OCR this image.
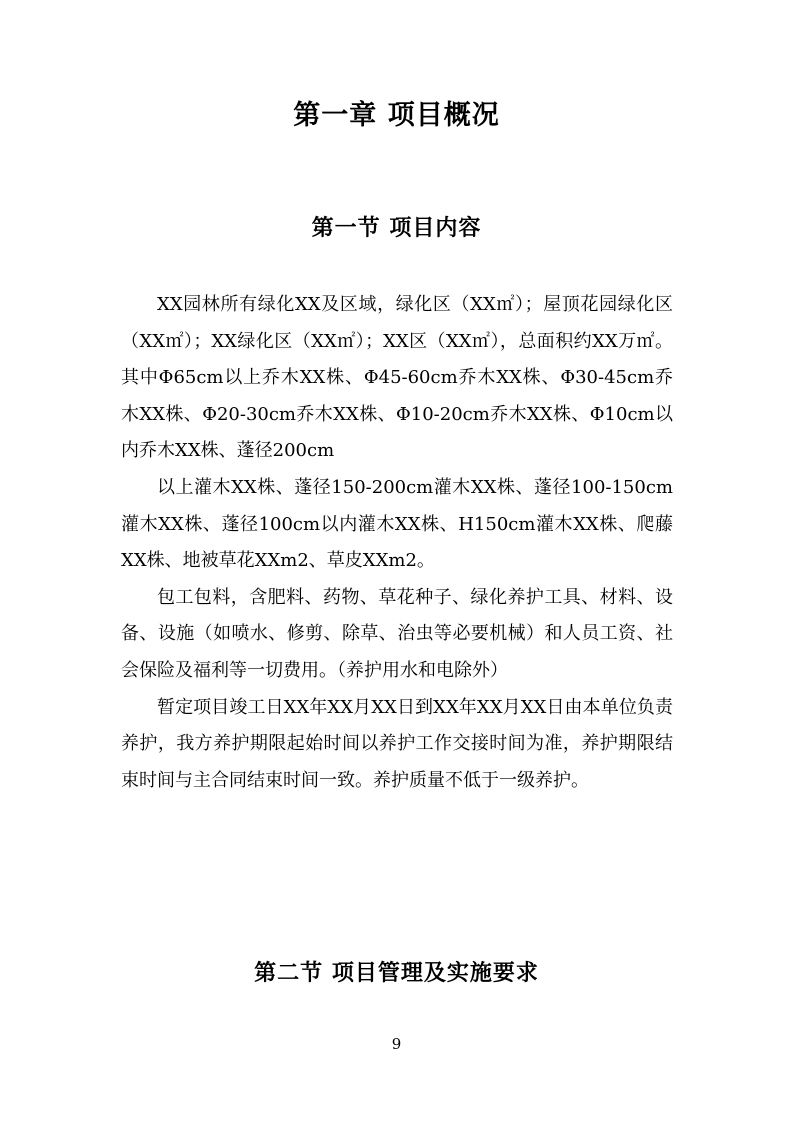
第一章 项目概况
第一节 项目内容

XX园林所有绿化XX及区域，绿化区（XX㎡）；屋顶花园绿化区（XX㎡）；XX绿化区（XX㎡）；XX区（XX㎡），总面积约XX万㎡。其中Φ65cm以上乔木XX株、Φ45-60cm乔木XX株、Φ30-45cm乔木XX株、Φ20-30cm乔木XX株、Φ10-20cm乔木XX株、Φ10cm以内乔木XX株、蓬径200cm

以上灌木XX株、蓬径150-200cm灌木XX株、蓬径100-150cm灌木XX株、蓬径100cm以内灌木XX株、H150cm灌木XX株、爬藤XX株、地被草花XXm2、草皮XXm2。

包工包料，含肥料、药物、草花种子、绿化养护工具、材料、设备、设施（如喷水、修剪、除草、治虫等必要机械）和人员工资、社会保险及福利等一切费用。（养护用水和电除外）

暂定项目竣工日XX年XX月XX日到XX年XX月XX日由本单位负责养护，我方养护期限起始时间以养护工作交接时间为准，养护期限结束时间与主合同结束时间一致。养护质量不低于一级养护。

第二节 项目管理及实施要求
9
